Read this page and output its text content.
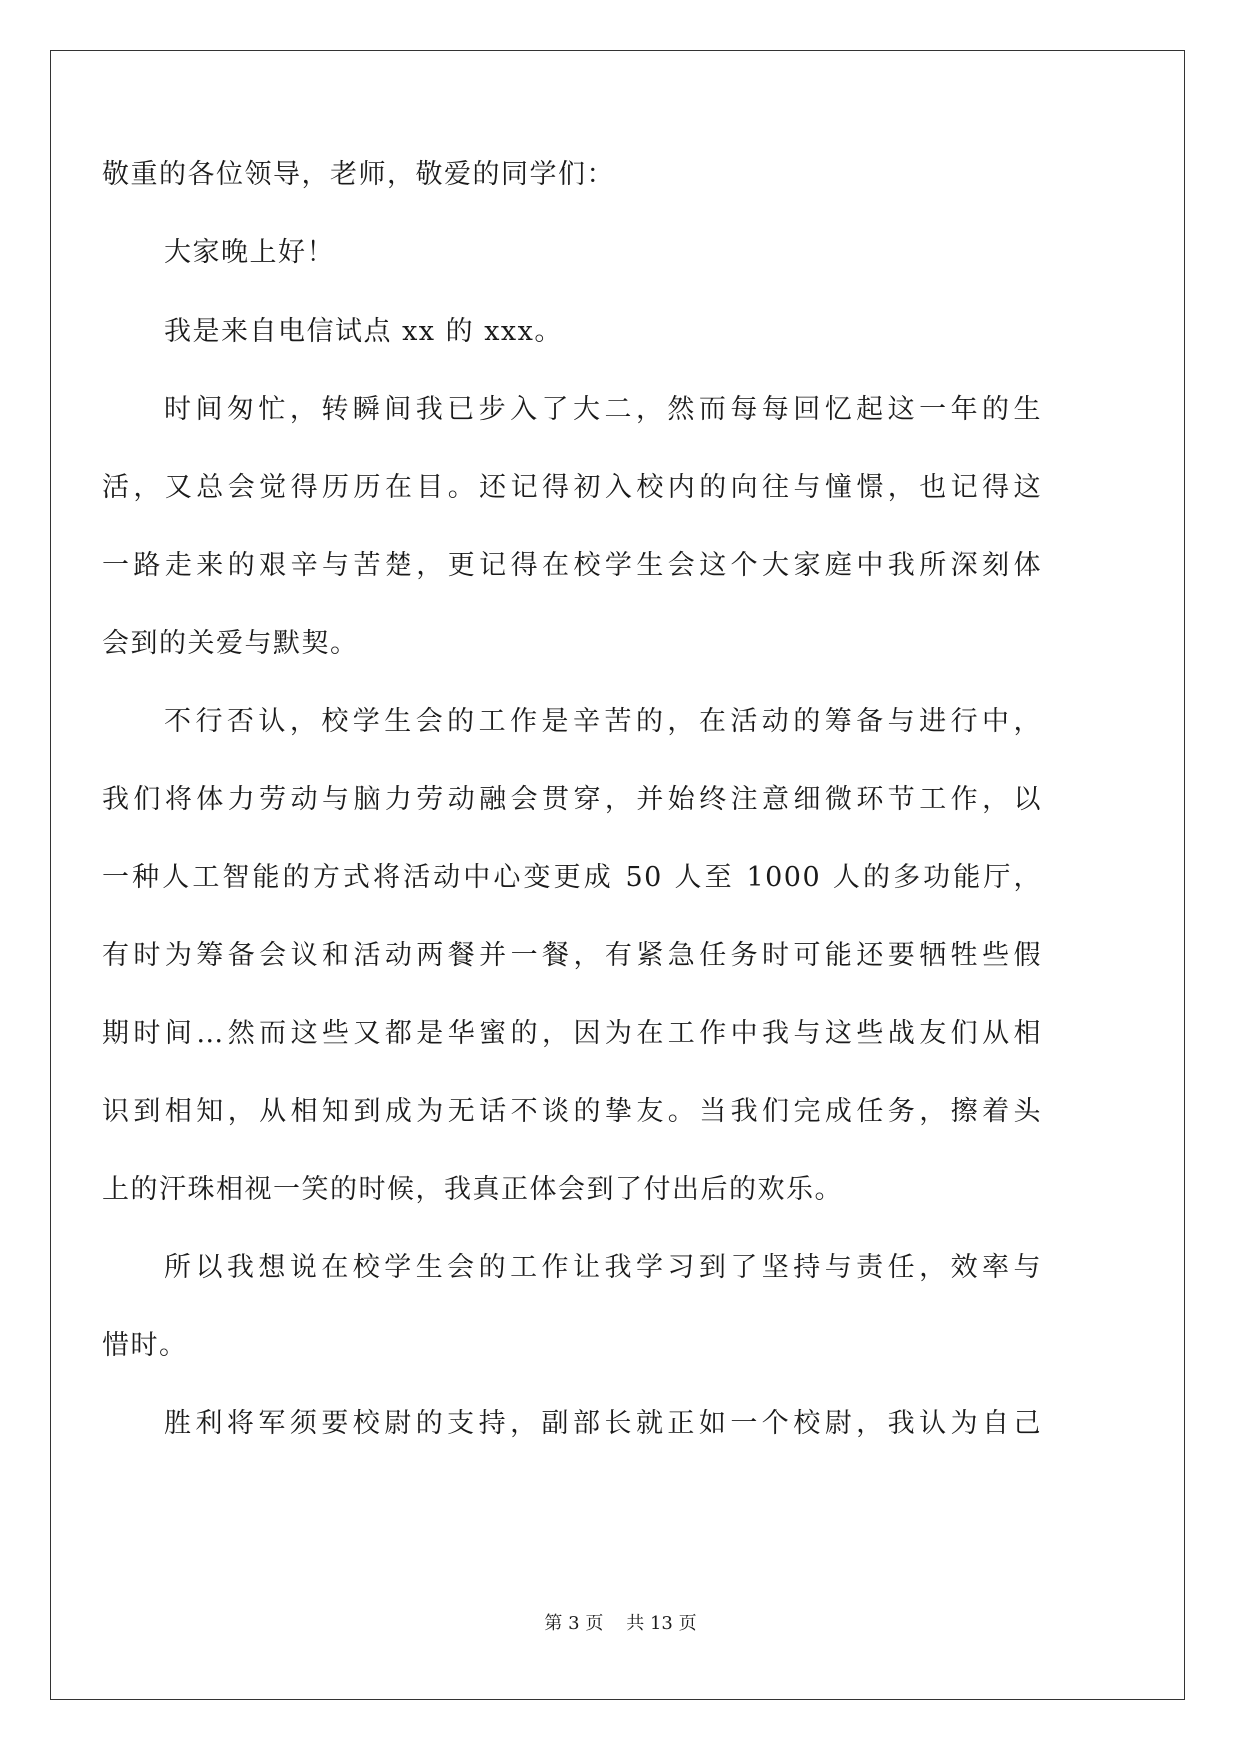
敬重的各位领导，老师，敬爱的同学们：
大家晚上好！
我是来自电信试点 xx 的 xxx。
时间匆忙，转瞬间我已步入了大二，然而每每回忆起这一年的生
活，又总会觉得历历在目。还记得初入校内的向往与憧憬，也记得这
一路走来的艰辛与苦楚，更记得在校学生会这个大家庭中我所深刻体
会到的关爱与默契。
不行否认，校学生会的工作是辛苦的，在活动的筹备与进行中，
我们将体力劳动与脑力劳动融会贯穿，并始终注意细微环节工作，以
一种人工智能的方式将活动中心变更成 50 人至 1000 人的多功能厅，
有时为筹备会议和活动两餐并一餐，有紧急任务时可能还要牺牲些假
期时间…然而这些又都是华蜜的，因为在工作中我与这些战友们从相
识到相知，从相知到成为无话不谈的挚友。当我们完成任务，擦着头
上的汗珠相视一笑的时候，我真正体会到了付出后的欢乐。
所以我想说在校学生会的工作让我学习到了坚持与责任，效率与
惜时。
胜利将军须要校尉的支持，副部长就正如一个校尉，我认为自己
第 3 页 共 13 页
